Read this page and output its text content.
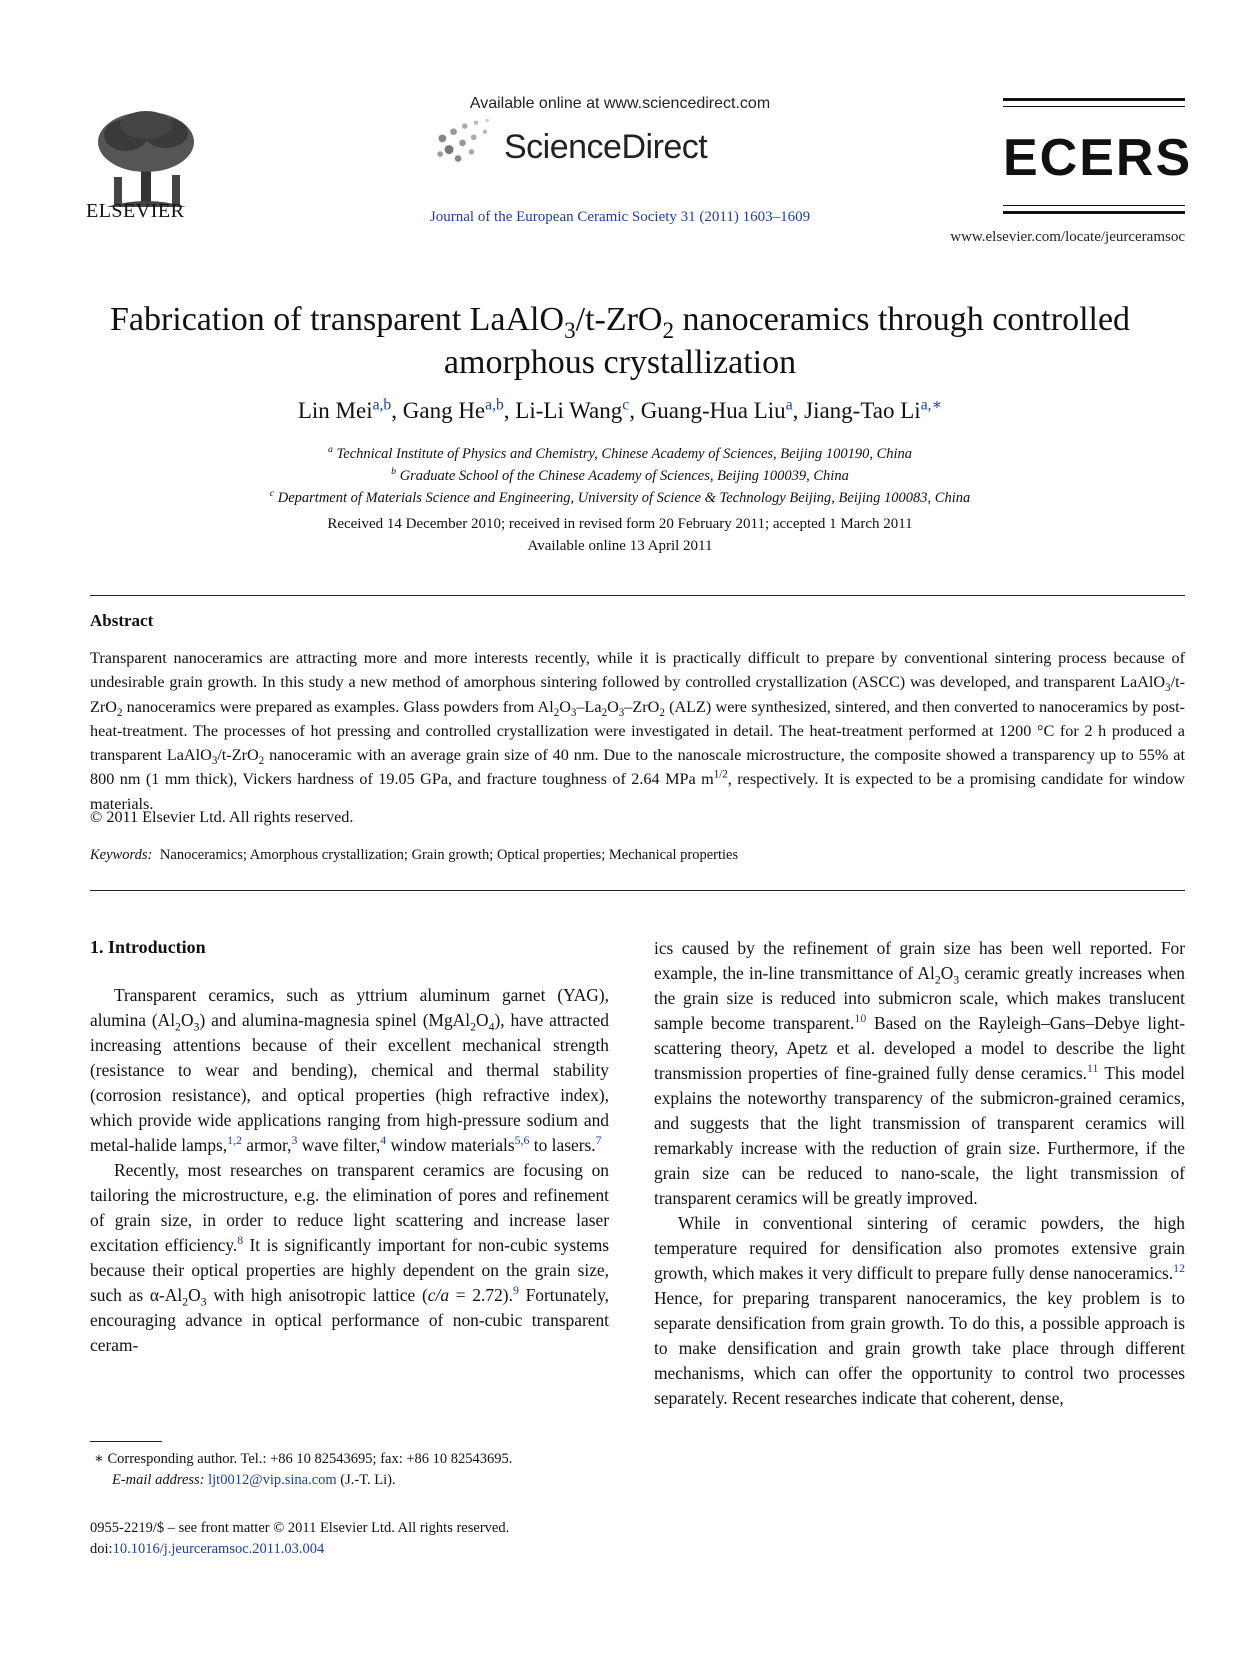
ELSEVIER
Available online at www.sciencedirect.com
ScienceDirect
Journal of the European Ceramic Society 31 (2011) 1603–1609
ECERS
www.elsevier.com/locate/jeurceramsoc
Fabrication of transparent LaAlO$_3$/t-ZrO$_2$ nanoceramics through controlled
amorphous crystallization
Lin Mei$^{a,b}$, Gang He$^{a,b}$, Li-Li Wang$^c$, Guang-Hua Liu$^a$, Jiang-Tao Li$^{a,∗}$
$^a$ Technical Institute of Physics and Chemistry, Chinese Academy of Sciences, Beijing 100190, China
$^b$ Graduate School of the Chinese Academy of Sciences, Beijing 100039, China
$^c$ Department of Materials Science and Engineering, University of Science & Technology Beijing, Beijing 100083, China
Received 14 December 2010; received in revised form 20 February 2011; accepted 1 March 2011
Available online 13 April 2011
Abstract
Transparent nanoceramics are attracting more and more interests recently, while it is practically difficult to prepare by conventional sintering process because of undesirable grain growth. In this study a new method of amorphous sintering followed by controlled crystallization (ASCC) was developed, and transparent LaAlO$_3$/t-ZrO$_2$ nanoceramics were prepared as examples. Glass powders from $Al_2O_3-La_2O_3-ZrO_2$ (ALZ) were synthesized, sintered, and then converted to nanoceramics by post-heat-treatment. The processes of hot pressing and controlled crystallization were investigated in detail. The heat-treatment performed at 1200 °C for 2 h produced a transparent LaAlO$_3$/t-ZrO$_2$ nanoceramic with an average grain size of 40 nm. Due to the nanoscale microstructure, the composite showed a transparency up to 55% at 800 nm (1 mm thick), Vickers hardness of 19.05 GPa, and fracture toughness of 2.64 MPa $m^{1/2}$, respectively. It is expected to be a promising candidate for window materials.
© 2011 Elsevier Ltd. All rights reserved.
Keywords: Nanoceramics; Amorphous crystallization; Grain growth; Optical properties; Mechanical properties
1. Introduction

Transparent ceramics, such as yttrium aluminum garnet (YAG), alumina $(Al_2O_3)$ and alumina-magnesia spinel $(MgAl_2O_4)$, have attracted increasing attentions because of their excellent mechanical strength (resistance to wear and bending), chemical and thermal stability (corrosion resistance), and optical properties (high refractive index), which provide wide applications ranging from high-pressure sodium and metal-halide lamps,$^{1,2}$ armor,$^3$ wave filter,$^4$ window materials$^{5,6}$ to lasers.$^7$

Recently, most researches on transparent ceramics are focusing on tailoring the microstructure, e.g. the elimination of pores and refinement of grain size, in order to reduce light scattering and increase laser excitation efficiency.$^8$ It is significantly important for non-cubic systems because their optical properties are highly dependent on the grain size, such as $\alpha-Al_2O_3$ with high anisotropic lattice (c/a = 2.72).$^9$ Fortunately, encouraging advance in optical performance of non-cubic transparent ceram-

ics caused by the refinement of grain size has been well reported. For example, the in-line transmittance of $Al_2O_3$ ceramic greatly increases when the grain size is reduced into submicron scale, which makes translucent sample become transparent.$^{10}$ Based on the Rayleigh–Gans–Debye light-scattering theory, Apetz et al. developed a model to describe the light transmission properties of fine-grained fully dense ceramics.$^{11}$ This model explains the noteworthy transparency of the submicron-grained ceramics, and suggests that the light transmission of transparent ceramics will remarkably increase with the reduction of grain size. Furthermore, if the grain size can be reduced to nano-scale, the light transmission of transparent ceramics will be greatly improved.

While in conventional sintering of ceramic powders, the high temperature required for densification also promotes extensive grain growth, which makes it very difficult to prepare fully dense nanoceramics.$^{12}$ Hence, for preparing transparent nanoceramics, the key problem is to separate densification from grain growth. To do this, a possible approach is to make densification and grain growth take place through different mechanisms, which can offer the opportunity to control two processes separately. Recent researches indicate that coherent, dense,

∗ Corresponding author. Tel.: +86 10 82543695; fax: +86 10 82543695.
E-mail address: ljt0012@vip.sina.com (J.-T. Li).
0955-2219/$ – see front matter © 2011 Elsevier Ltd. All rights reserved.
doi:10.1016/j.jeurceramsoc.2011.03.004
